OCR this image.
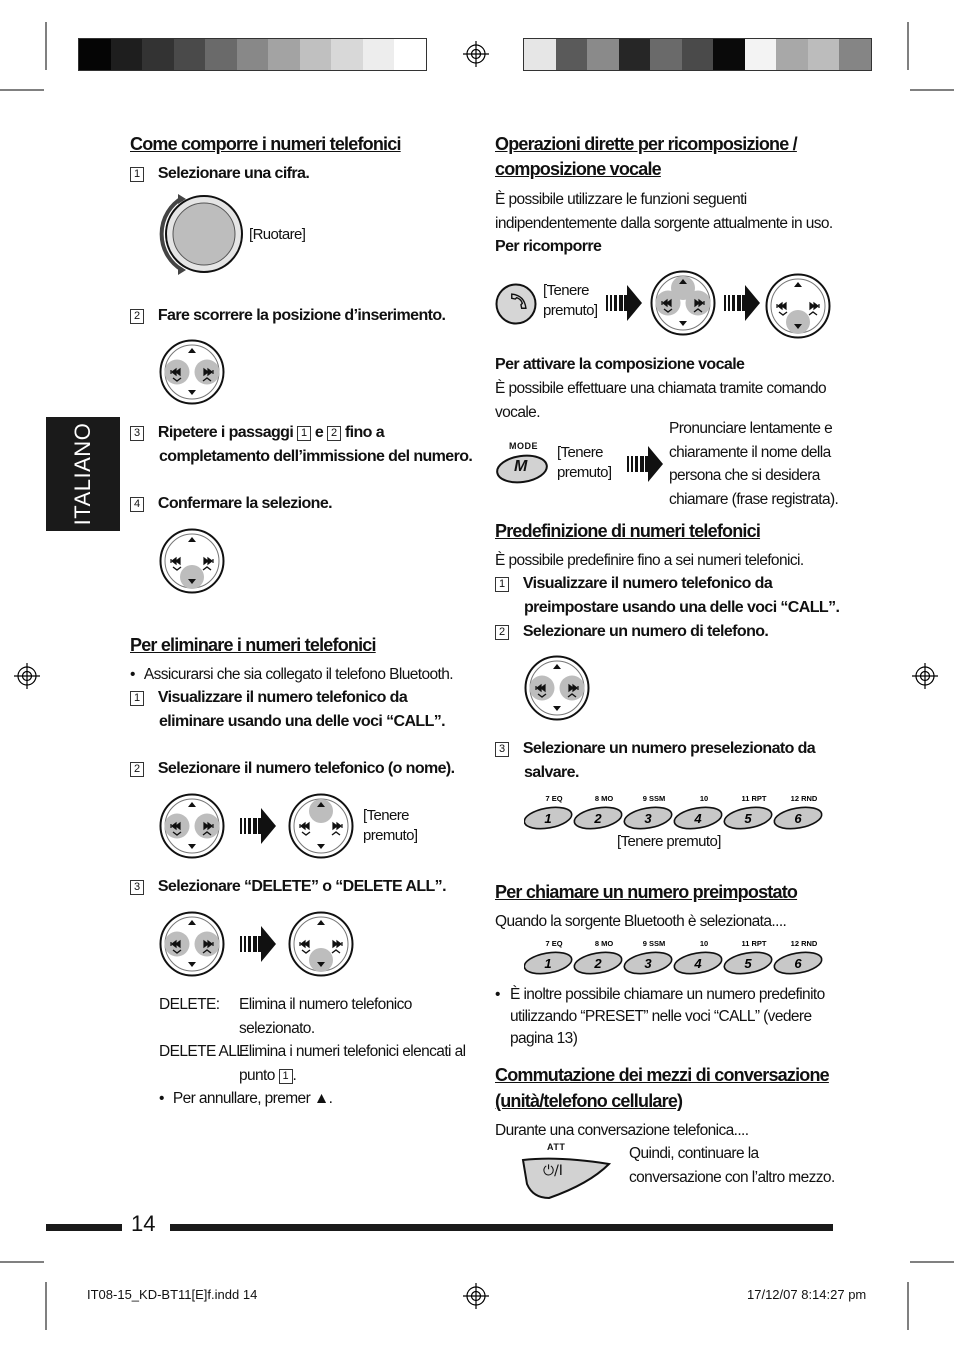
ITALIANO
Come comporre i numeri telefonici
1 Selezionare una cifra.
[Ruotare]
2 Fare scorrere la posizione d’inserimento.
3 Ripetere i passaggi 1 e 2 fino a
completamento dell’immissione del numero.
4 Confermare la selezione.
Per eliminare i numeri telefonici
• Assicurarsi che sia collegato il telefono Bluetooth.
1 Visualizzare il numero telefonico da
eliminare usando una delle voci “CALL”.
2 Selezionare il numero telefonico (o nome).
[Tenere
premuto]
3 Selezionare “DELETE” o “DELETE ALL”.
DELETE: Elimina il numero telefonico
selezionato.
DELETE ALL:
Elimina i numeri telefonici elencati al
punto 1 .
• Per annullare, premer ▲.
Operazioni dirette per ricomposizione /
composizione vocale
È possibile utilizzare le funzioni seguenti
indipendentemente dalla sorgente attualmente in uso.
Per ricomporre
[Tenere
premuto]
Per attivare la composizione vocale
È possibile effettuare una chiamata tramite comando
vocale.
MODE
M
[Tenere
premuto]
Pronunciare lentamente e
chiaramente il nome della
persona che si desidera
chiamare (frase registrata).
Predefinizione di numeri telefonici
È possibile predefinire fino a sei numeri telefonici.
1 Visualizzare il numero telefonico da
preimpostare usando una delle voci “CALL”.
2 Selezionare un numero di telefono.
3 Selezionare un numero preselezionato da
salvare.
1
7 EQ
2
8 MO
3
9 SSM
4
10
5
11 RPT
6
12 RND
[Tenere premuto]
Per chiamare un numero preimpostato
Quando la sorgente Bluetooth è selezionata....
1
7 EQ
2
8 MO
3
9 SSM
4
10
5
11 RPT
6
12 RND
• È inoltre possibile chiamare un numero predefinito
utilizzando “PRESET” nelle voci “CALL” (vedere
pagina 13)
Commutazione dei mezzi di conversazione
(unità/telefono cellulare)
Durante una conversazione telefonica....
ATT
⏻/I
Quindi, continuare la
conversazione con l’altro mezzo.
14
IT08-15_KD-BT11[E]f.indd 14	17/12/07 8:14:27 pm
